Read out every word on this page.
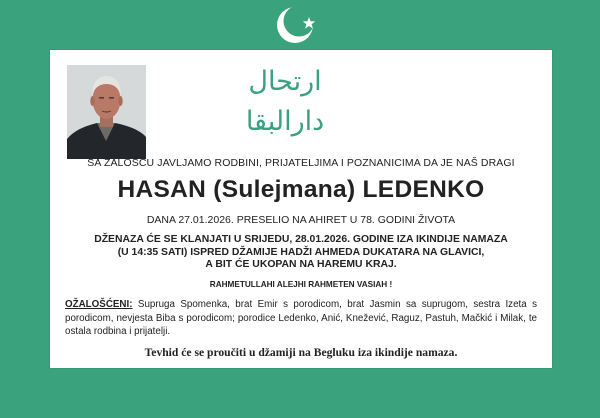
ارتحال دارالبقا
SA ŽALOŠĆU JAVLJAMO RODBINI, PRIJATELJIMA I POZNANICIMA DA JE NAŠ DRAGI
HASAN (Sulejmana) LEDENKO
DANA 27.01.2026. PRESELIO NA AHIRET U 78. GODINI ŽIVOTA
DŽENAZA ĆE SE KLANJATI U SRIJEDU, 28.01.2026. GODINE IZA IKINDIJE NAMAZA
(U 14:35 SATI) ISPRED DŽAMIJE HADŽI AHMEDA DUKATARA NA GLAVICI,
A BIT ĆE UKOPAN NA HAREMU KRAJ.
RAHMETULLAHI ALEJHI RAHMETEN VASIAH !
OŽALOŠĆENI: Supruga Spomenka, brat Emir s porodicom, brat Jasmin sa suprugom, sestra Izeta s porodicom, nevjesta Biba s porodicom; porodice Ledenko, Anić, Knežević, Raguz, Pastuh, Mačkić i Milak, te ostala rodbina i prijatelji.
Tevhid će se proučiti u džamiji na Begluku iza ikindije namaza.
